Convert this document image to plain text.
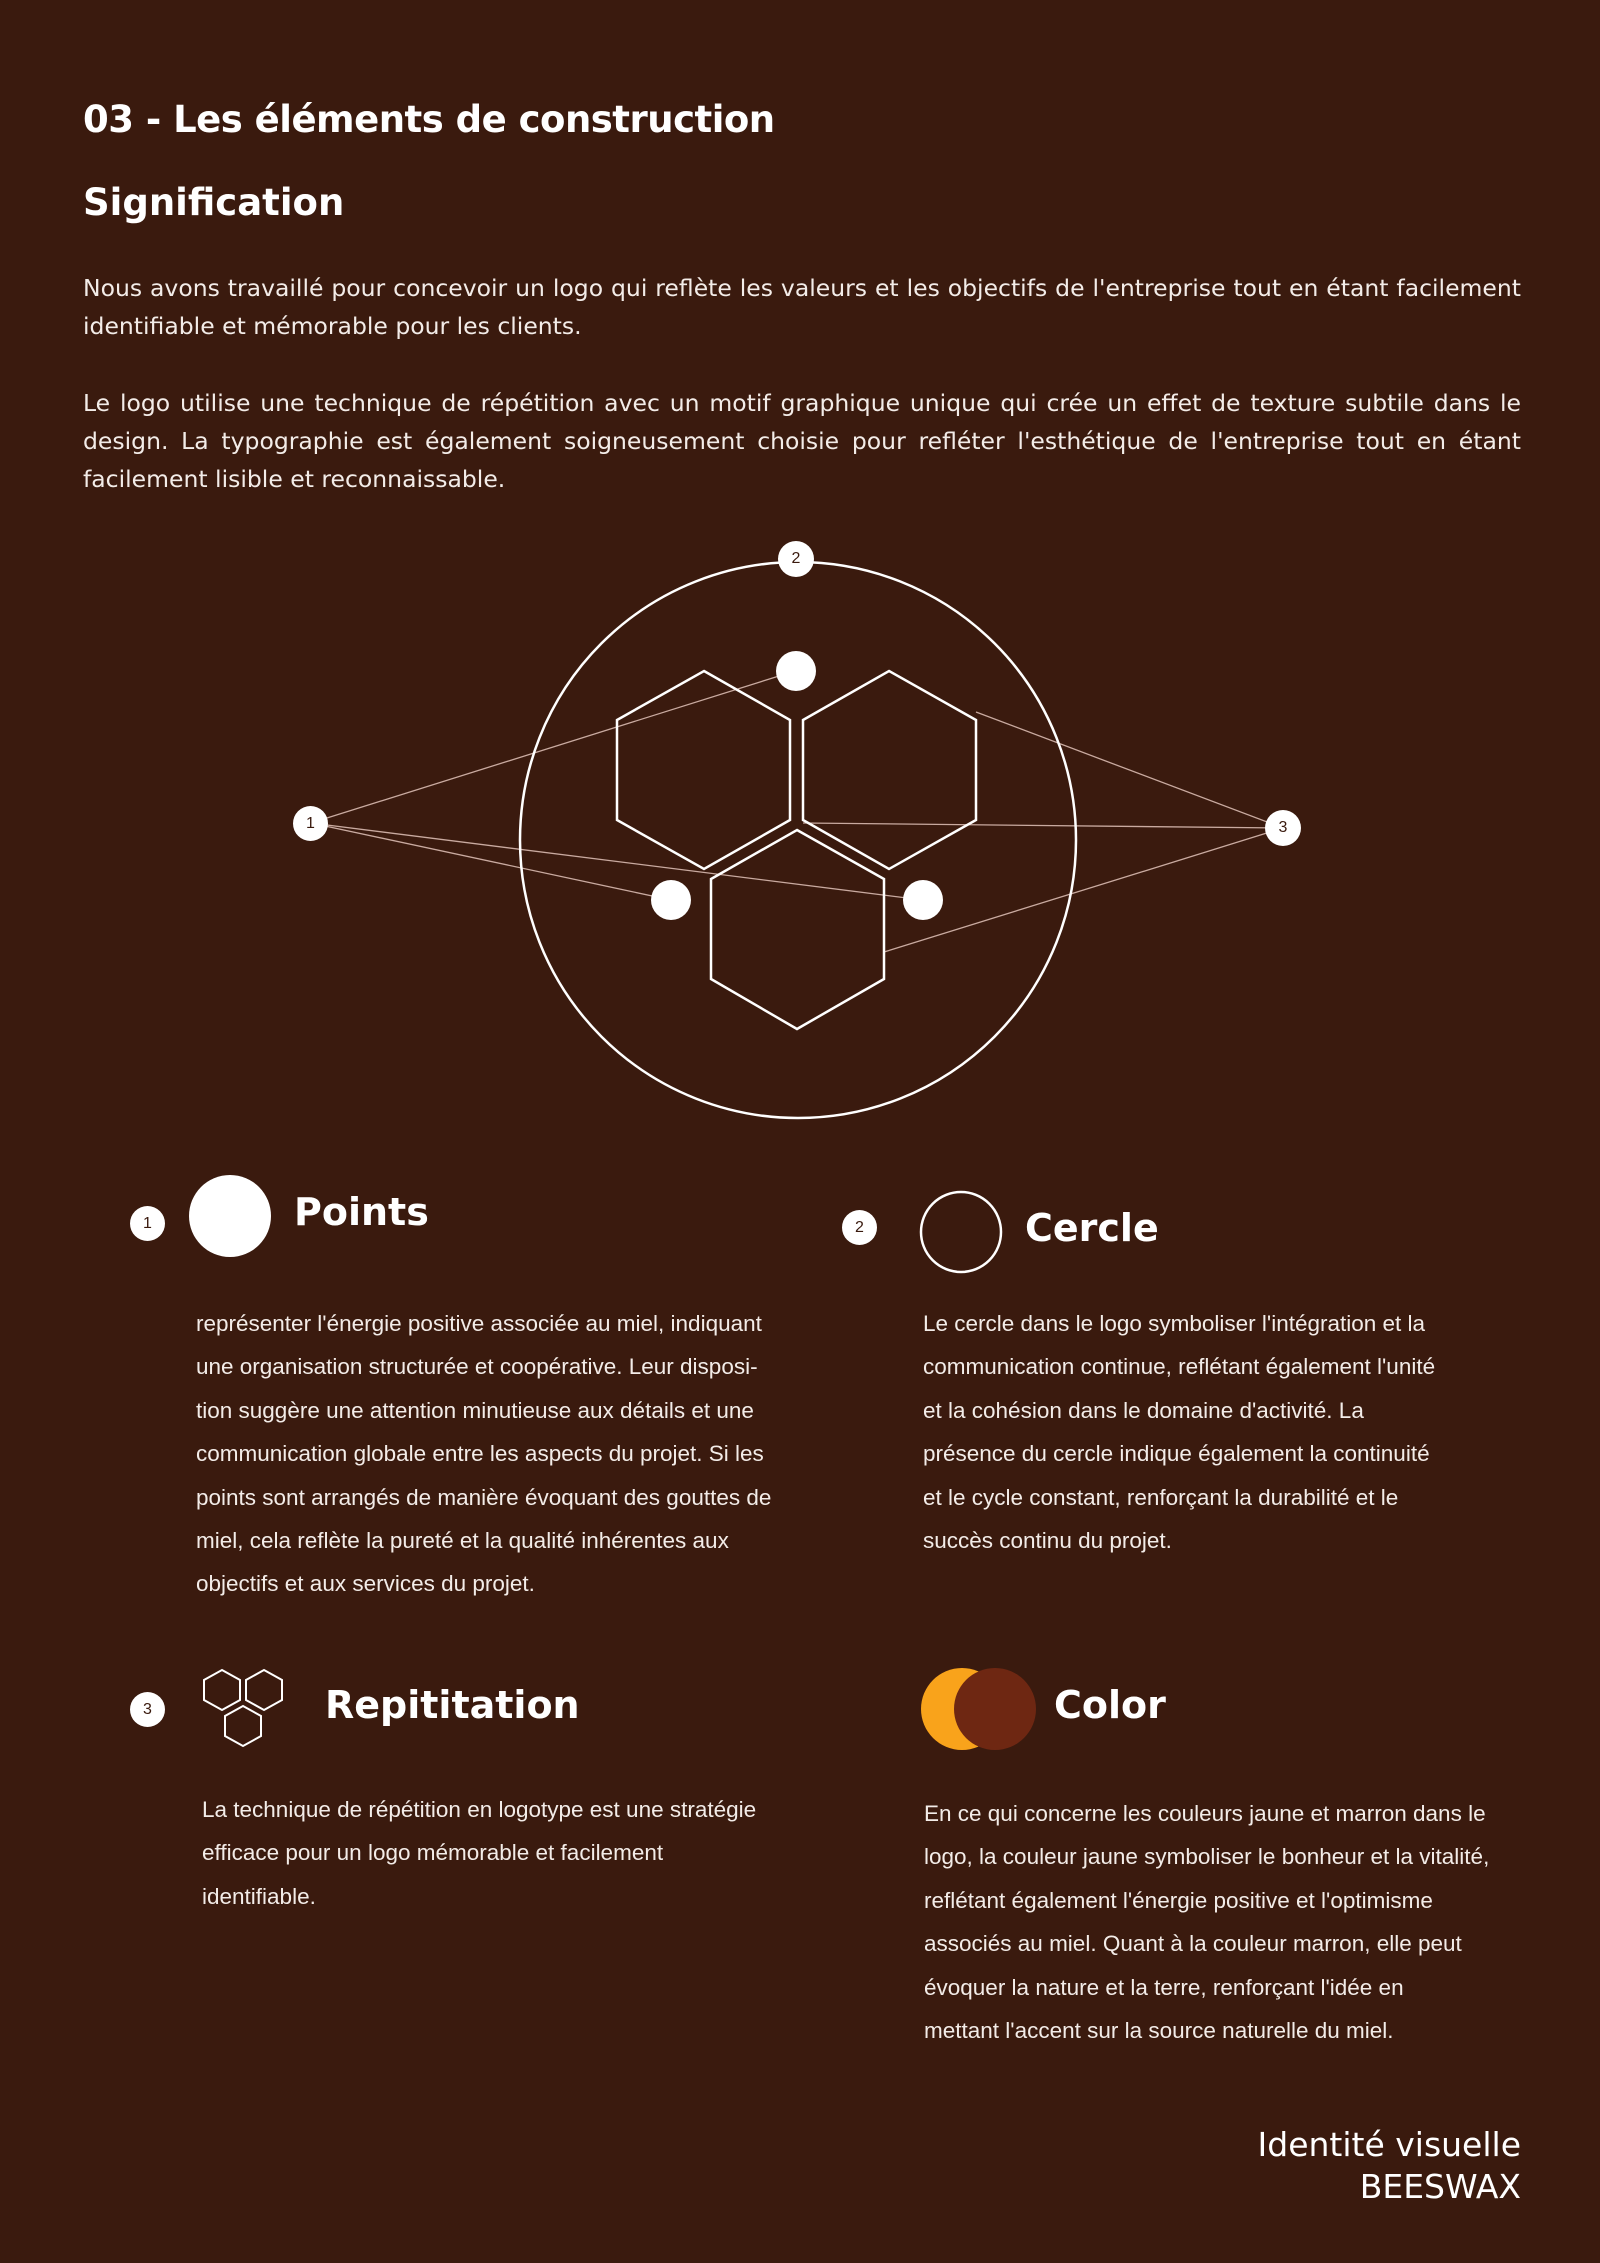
03 - Les éléments de construction
Signification

Nous avons travaillé pour concevoir un logo qui reflète les valeurs et les objectifs de l'entreprise tout en étant facilement identifiable et mémorable pour les clients.

Le logo utilise une technique de répétition avec un motif graphique unique qui crée un effet de texture subtile dans le design. La typographie est également soigneusement choisie pour refléter l'esthétique de l'entreprise tout en étant facilement lisible et reconnaissable.

1
2
3
1	Points
représenter l'énergie positive associée au miel, indiquant
une organisation structurée et coopérative. Leur disposi-
tion suggère une attention minutieuse aux détails et une
communication globale entre les aspects du projet. Si les
points sont arrangés de manière évoquant des gouttes de
miel, cela reflète la pureté et la qualité inhérentes aux
objectifs et aux services du projet.
2	Cercle
Le cercle dans le logo symboliser l'intégration et la
communication continue, reflétant également l'unité
et la cohésion dans le domaine d'activité. La
présence du cercle indique également la continuité
et le cycle constant, renforçant la durabilité et le
succès continu du projet.
3	Repititation
La technique de répétition en logotype est une stratégie
efficace pour un logo mémorable et facilement
identifiable.
Color
En ce qui concerne les couleurs jaune et marron dans le
logo, la couleur jaune symboliser le bonheur et la vitalité,
reflétant également l'énergie positive et l'optimisme
associés au miel. Quant à la couleur marron, elle peut
évoquer la nature et la terre, renforçant l'idée en
mettant l'accent sur la source naturelle du miel.
Identité visuelle
BEESWAX
